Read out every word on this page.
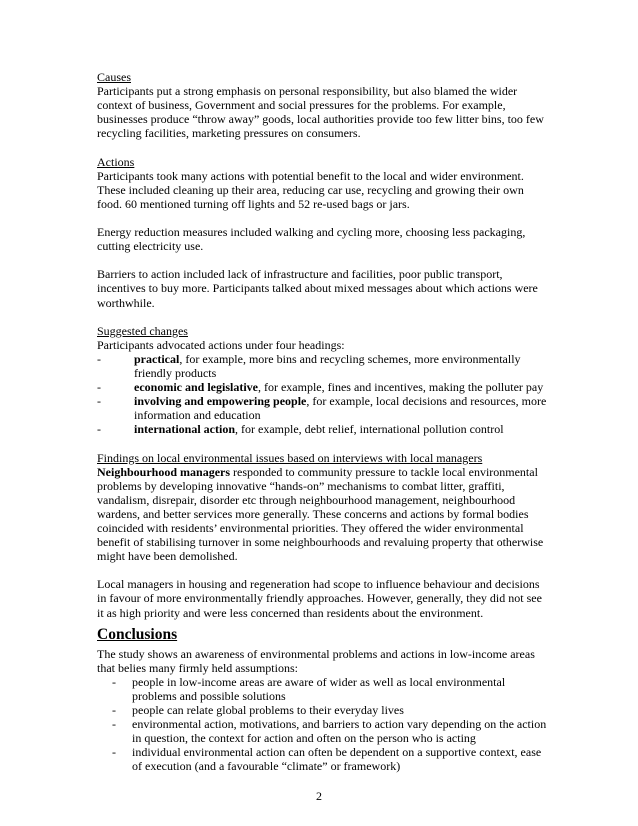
Causes

Participants put a strong emphasis on personal responsibility, but also blamed the wider context of business, Government and social pressures for the problems. For example, businesses produce “throw away” goods, local authorities provide too few litter bins, too few recycling facilities, marketing pressures on consumers.

Actions

Participants took many actions with potential benefit to the local and wider environment. These included cleaning up their area, reducing car use, recycling and growing their own food. 60 mentioned turning off lights and 52 re-used bags or jars.

Energy reduction measures included walking and cycling more, choosing less packaging, cutting electricity use.

Barriers to action included lack of infrastructure and facilities, poor public transport, incentives to buy more. Participants talked about mixed messages about which actions were worthwhile.

Suggested changes

Participants advocated actions under four headings:

-	practical, for example, more bins and recycling schemes, more environmentally friendly products
-	economic and legislative, for example, fines and incentives, making the polluter pay
-	involving and empowering people, for example, local decisions and resources, more information and education
-	international action, for example, debt relief, international pollution control
Findings on local environmental issues based on interviews with local managers

Neighbourhood managers responded to community pressure to tackle local environmental problems by developing innovative “hands-on” mechanisms to combat litter, graffiti, vandalism, disrepair, disorder etc through neighbourhood management, neighbourhood wardens, and better services more generally. These concerns and actions by formal bodies coincided with residents’ environmental priorities. They offered the wider environmental benefit of stabilising turnover in some neighbourhoods and revaluing property that otherwise might have been demolished.

Local managers in housing and regeneration had scope to influence behaviour and decisions in favour of more environmentally friendly approaches. However, generally, they did not see it as high priority and were less concerned than residents about the environment.

Conclusions

The study shows an awareness of environmental problems and actions in low-income areas that belies many firmly held assumptions:

-	people in low-income areas are aware of wider as well as local environmental problems and possible solutions
-	people can relate global problems to their everyday lives
-	environmental action, motivations, and barriers to action vary depending on the action in question, the context for action and often on the person who is acting
-	individual environmental action can often be dependent on a supportive context, ease of execution (and a favourable “climate” or framework)
2
